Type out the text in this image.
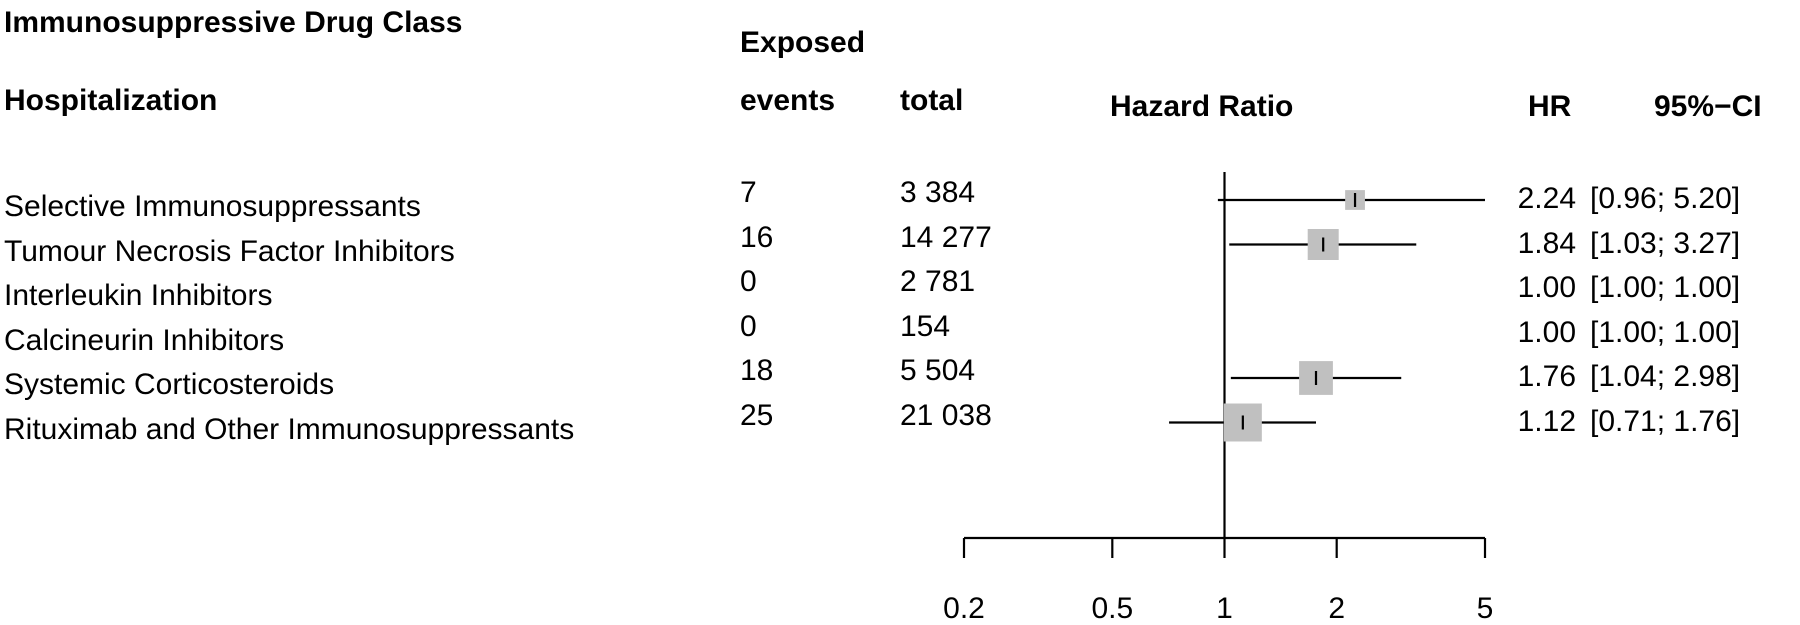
Immunosuppressive Drug Class
Exposed
Hospitalization	events total	Hazard Ratio	HR	95%−CI
Selective Immunosuppressants	7	3 384	2.24 [0.96; 5.20]
Tumour Necrosis Factor Inhibitors	16	14 277	1.84 [1.03; 3.27]
Interleukin Inhibitors	0	2 781	1.00 [1.00; 1.00]
Calcineurin Inhibitors	0	154	1.00 [1.00; 1.00]
Systemic Corticosteroids	18	5 504	1.76 [1.04; 2.98]
Rituximab and Other Immunosuppressants	25	21 038	1.12 [0.71; 1.76]
0.2	0.5	1	2	5
